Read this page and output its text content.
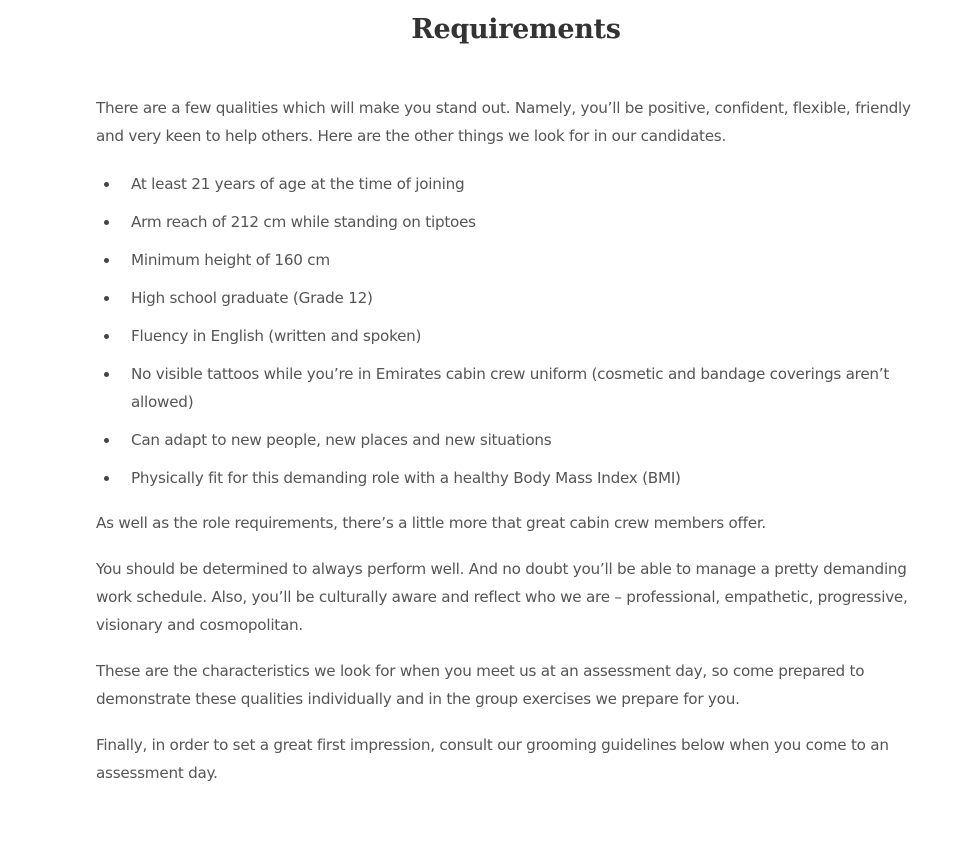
Requirements

There are a few qualities which will make you stand out. Namely, you’ll be positive, confident, flexible, friendly and very keen to help others. Here are the other things we look for in our candidates.

At least 21 years of age at the time of joining
Arm reach of 212 cm while standing on tiptoes
Minimum height of 160 cm
High school graduate (Grade 12)
Fluency in English (written and spoken)
No visible tattoos while you’re in Emirates cabin crew uniform (cosmetic and bandage coverings aren’t allowed)
Can adapt to new people, new places and new situations
Physically fit for this demanding role with a healthy Body Mass Index (BMI)

As well as the role requirements, there’s a little more that great cabin crew members offer.

You should be determined to always perform well. And no doubt you’ll be able to manage a pretty demanding work schedule. Also, you’ll be culturally aware and reflect who we are – professional, empathetic, progressive, visionary and cosmopolitan.

These are the characteristics we look for when you meet us at an assessment day, so come prepared to demonstrate these qualities individually and in the group exercises we prepare for you.

Finally, in order to set a great first impression, consult our grooming guidelines below when you come to an assessment day.
